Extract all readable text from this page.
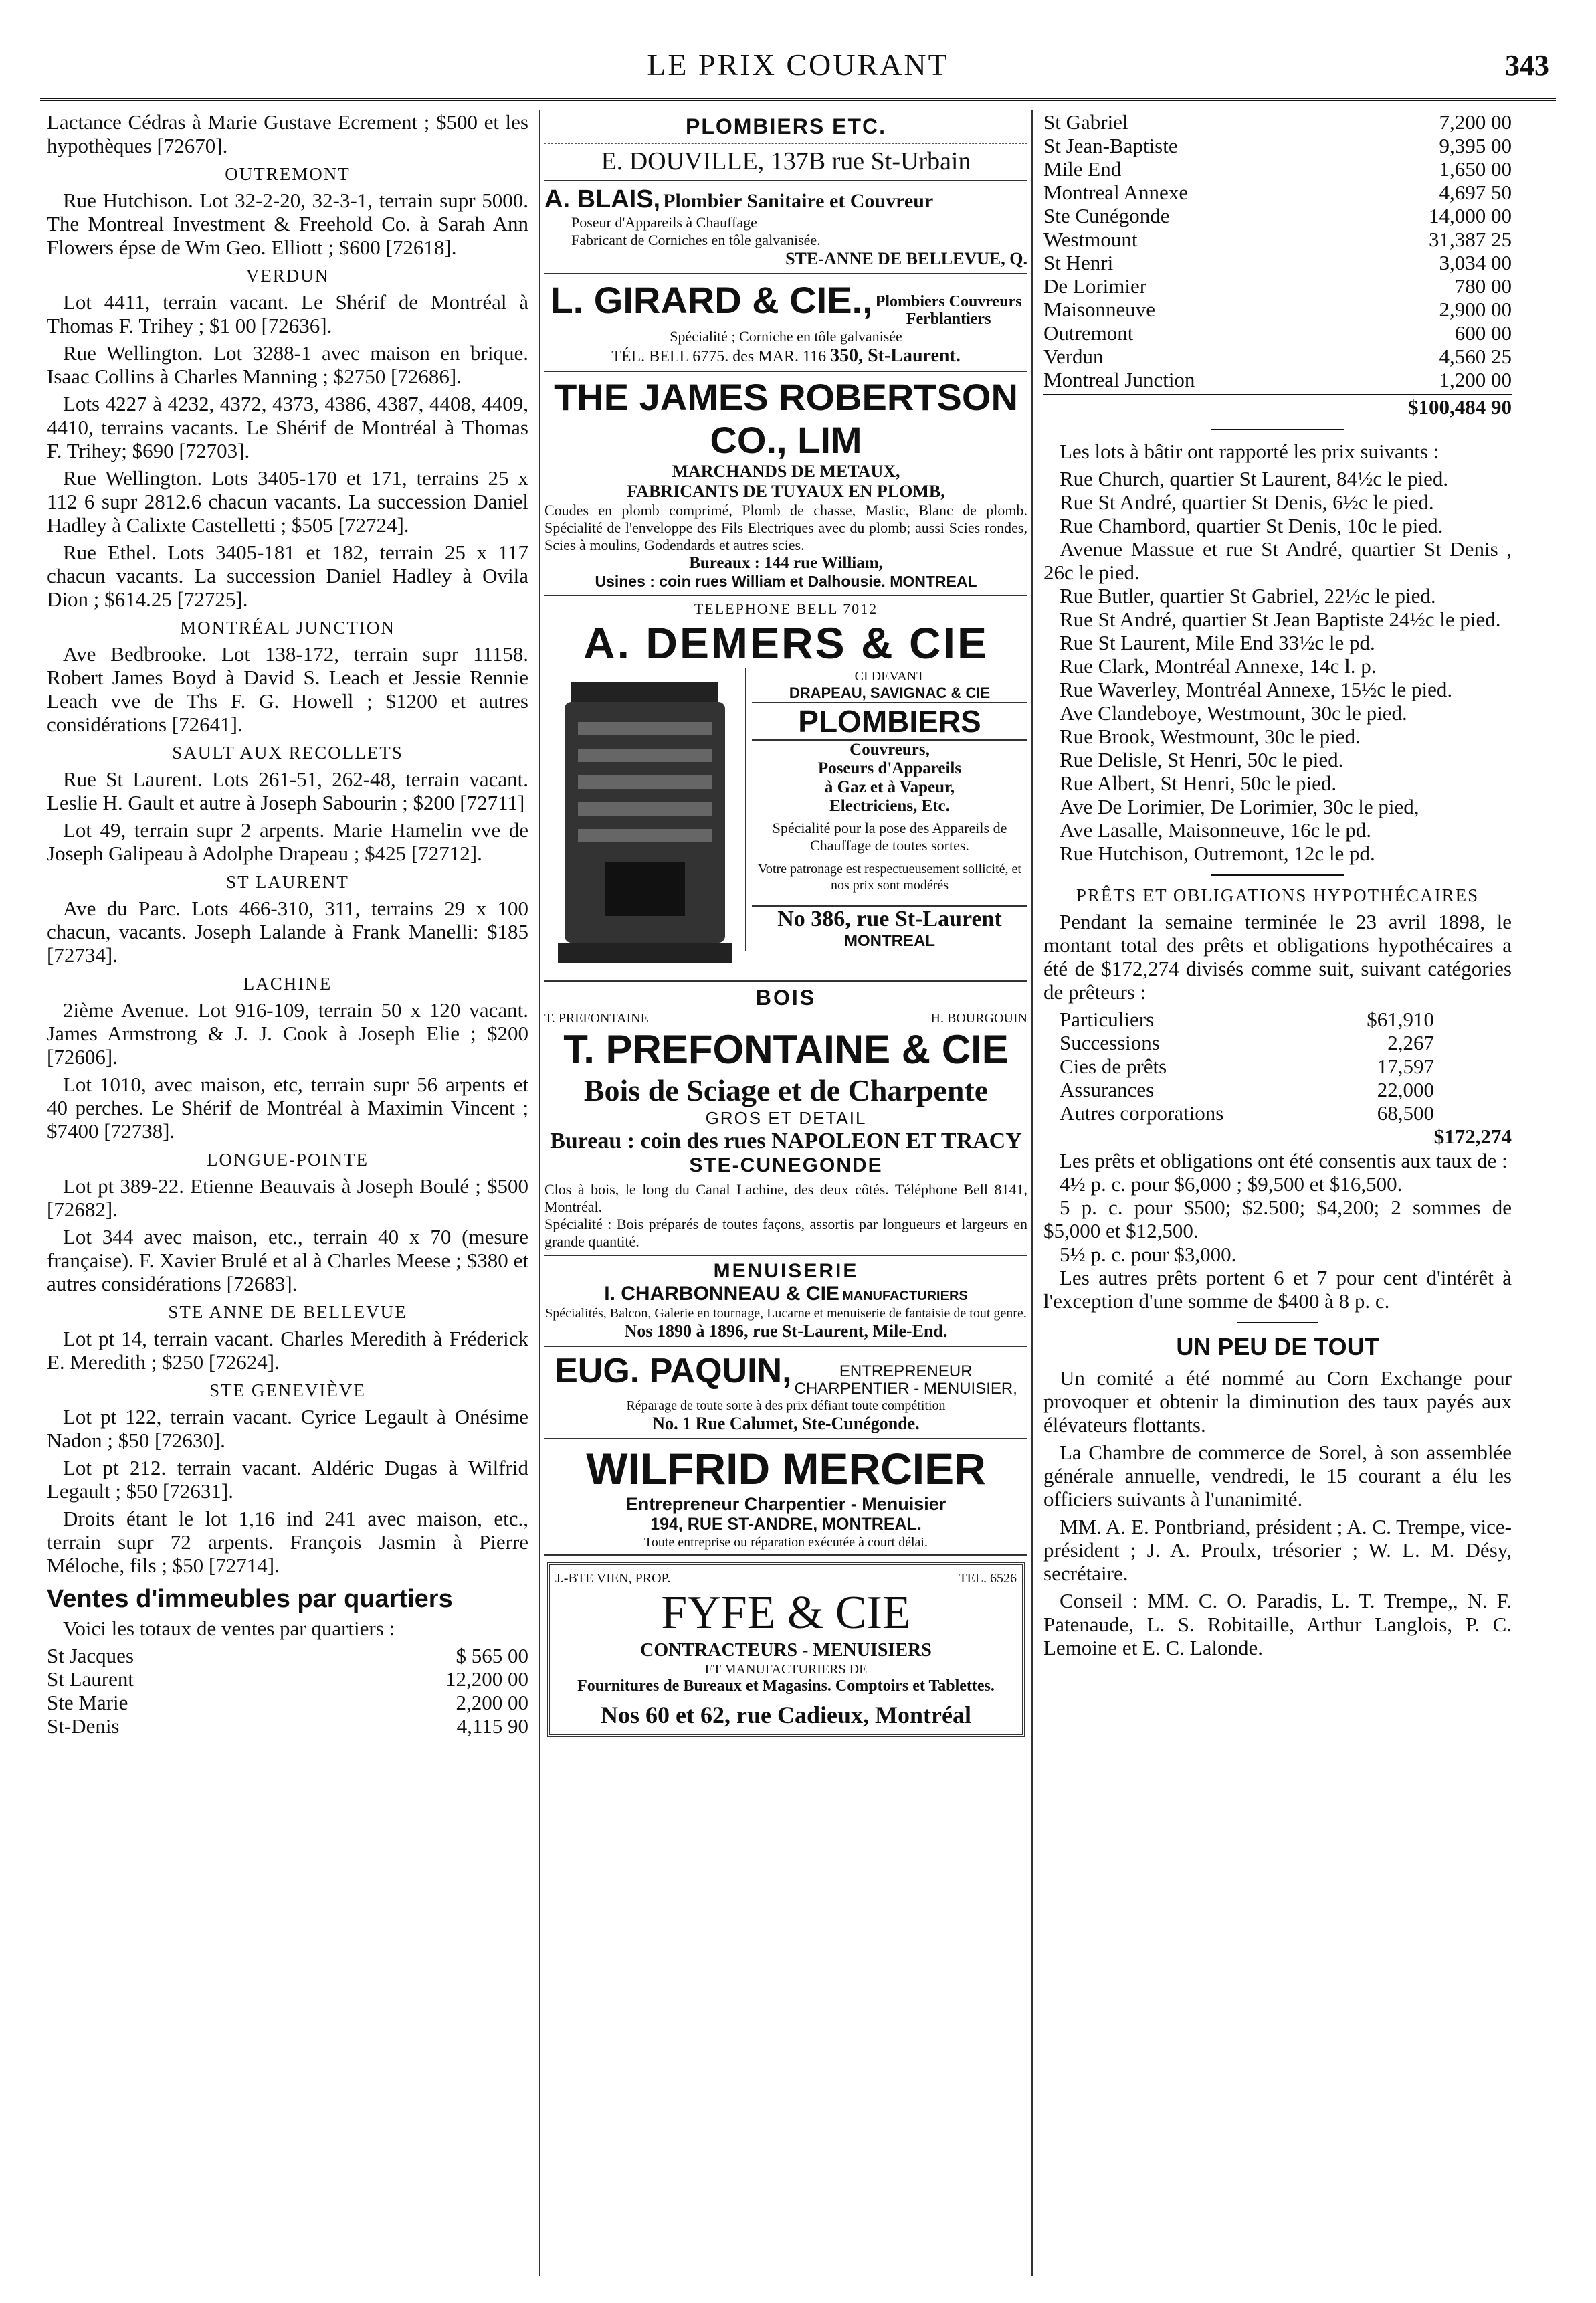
LE PRIX COURANT	343

Lactance Cédras à Marie Gustave Ecrement ; $500 et les hypothèques [72670].

OUTREMONT

Rue Hutchison. Lot 32-2-20, 32-3-1, terrain supr 5000. The Montreal Investment & Freehold Co. à Sarah Ann Flowers épse de Wm Geo. Elliott ; $600 [72618].

VERDUN

Lot 4411, terrain vacant. Le Shérif de Montréal à Thomas F. Trihey ; $1 00 [72636].

Rue Wellington. Lot 3288-1 avec maison en brique. Isaac Collins à Charles Manning ; $2750 [72686].

Lots 4227 à 4232, 4372, 4373, 4386, 4387, 4408, 4409, 4410, terrains vacants. Le Shérif de Montréal à Thomas F. Trihey; $690 [72703].

Rue Wellington. Lots 3405-170 et 171, terrains 25 x 112 6 supr 2812.6 chacun vacants. La succession Daniel Hadley à Calixte Castelletti ; $505 [72724].

Rue Ethel. Lots 3405-181 et 182, terrain 25 x 117 chacun vacants. La succession Daniel Hadley à Ovila Dion ; $614.25 [72725].

MONTRÉAL JUNCTION

Ave Bedbrooke. Lot 138-172, terrain supr 11158. Robert James Boyd à David S. Leach et Jessie Rennie Leach vve de Ths F. G. Howell ; $1200 et autres considérations [72641].

SAULT AUX RECOLLETS

Rue St Laurent. Lots 261-51, 262-48, terrain vacant. Leslie H. Gault et autre à Joseph Sabourin ; $200 [72711]

Lot 49, terrain supr 2 arpents. Marie Hamelin vve de Joseph Galipeau à Adolphe Drapeau ; $425 [72712].

ST LAURENT

Ave du Parc. Lots 466-310, 311, terrains 29 x 100 chacun, vacants. Joseph Lalande à Frank Manelli: $185 [72734].

LACHINE

2ième Avenue. Lot 916-109, terrain 50 x 120 vacant. James Armstrong & J. J. Cook à Joseph Elie ; $200 [72606].

Lot 1010, avec maison, etc, terrain supr 56 arpents et 40 perches. Le Shérif de Montréal à Maximin Vincent ; $7400 [72738].

LONGUE-POINTE

Lot pt 389-22. Etienne Beauvais à Joseph Boulé ; $500 [72682].

Lot 344 avec maison, etc., terrain 40 x 70 (mesure française). F. Xavier Brulé et al à Charles Meese ; $380 et autres considérations [72683].

STE ANNE DE BELLEVUE

Lot pt 14, terrain vacant. Charles Meredith à Fréderick E. Meredith ; $250 [72624].

STE GENEVIÈVE

Lot pt 122, terrain vacant. Cyrice Legault à Onésime Nadon ; $50 [72630].

Lot pt 212. terrain vacant. Aldéric Dugas à Wilfrid Legault ; $50 [72631].

Droits étant le lot 1,16 ind 241 avec maison, etc., terrain supr 72 arpents. François Jasmin à Pierre Méloche, fils ; $50 [72714].

Ventes d'immeubles par quartiers

Voici les totaux de ventes par quartiers :

St Jacques	$ 565 00
St Laurent	12,200 00
Ste Marie	2,200 00
St-Denis	4,115 90
PLOMBIERS ETC.
E. DOUVILLE, 137B rue St-Urbain
A. BLAIS, Plombier Sanitaire et Couvreur
Poseur d'Appareils à Chauffage
Fabricant de Corniches en tôle galvanisée.
STE-ANNE DE BELLEVUE, Q.
L. GIRARD & CIE., Plombiers Couvreurs
Ferblantiers
Spécialité ; Corniche en tôle galvanisée
TÉL. BELL 6775. des MAR. 116 350, St-Laurent.
THE JAMES ROBERTSON CO., LIM
MARCHANDS DE METAUX,
FABRICANTS DE TUYAUX EN PLOMB,
Coudes en plomb comprimé, Plomb de chasse, Mastic, Blanc de plomb. Spécialité de l'enveloppe des Fils Electriques avec du plomb; aussi Scies rondes, Scies à moulins, Godendards et autres scies.
Bureaux : 144 rue William,
Usines : coin rues William et Dalhousie. MONTREAL
TELEPHONE BELL 7012
A. DEMERS & CIE
CI DEVANT
DRAPEAU, SAVIGNAC & CIE
PLOMBIERS
Couvreurs,
Poseurs d'Appareils
à Gaz et à Vapeur,
Electriciens, Etc.
Spécialité pour la pose des Appareils de Chauffage de toutes sortes.
Votre patronage est respectueusement sollicité, et nos prix sont modérés
No 386, rue St-Laurent
MONTREAL
BOIS
T. PREFONTAINE	H. BOURGOUIN
T. PREFONTAINE & CIE
Bois de Sciage et de Charpente
GROS ET DETAIL
Bureau : coin des rues NAPOLEON ET TRACY
STE-CUNEGONDE
Clos à bois, le long du Canal Lachine, des deux côtés. Téléphone Bell 8141, Montréal.
Spécialité : Bois préparés de toutes façons, assortis par longueurs et largeurs en grande quantité.
MENUISERIE
I. CHARBONNEAU & CIE MANUFACTURIERS
Spécialités, Balcon, Galerie en tournage, Lucarne et menuiserie de fantaisie de tout genre.
Nos 1890 à 1896, rue St-Laurent, Mile-End.
EUG. PAQUIN,	ENTREPRENEUR
CHARPENTIER - MENUISIER,
Réparage de toute sorte à des prix défiant toute compétition
No. 1 Rue Calumet, Ste-Cunégonde.
WILFRID MERCIER
Entrepreneur Charpentier - Menuisier
194, RUE ST-ANDRE, MONTREAL.
Toute entreprise ou réparation exécutée à court délai.
J.-BTE VIEN, PROP.	TEL. 6526
FYFE & CIE
CONTRACTEURS - MENUISIERS
ET MANUFACTURIERS DE
Fournitures de Bureaux et Magasins. Comptoirs et Tablettes.
Nos 60 et 62, rue Cadieux, Montréal
St Gabriel	7,200 00
St Jean-Baptiste	9,395 00
Mile End	1,650 00
Montreal Annexe	4,697 50
Ste Cunégonde	14,000 00
Westmount	31,387 25
St Henri	3,034 00
De Lorimier	780 00
Maisonneuve	2,900 00
Outremont	600 00
Verdun	4,560 25
Montreal Junction	1,200 00
$100,484 90

Les lots à bâtir ont rapporté les prix suivants :

Rue Church, quartier St Laurent, 84½c le pied.

Rue St André, quartier St Denis, 6½c le pied.

Rue Chambord, quartier St Denis, 10c le pied.

Avenue Massue et rue St André, quartier St Denis , 26c le pied.

Rue Butler, quartier St Gabriel, 22½c le pied.

Rue St André, quartier St Jean Baptiste 24½c le pied.

Rue St Laurent, Mile End 33½c le pd.

Rue Clark, Montréal Annexe, 14c l. p.

Rue Waverley, Montréal Annexe, 15½c le pied.

Ave Clandeboye, Westmount, 30c le pied.

Rue Brook, Westmount, 30c le pied.

Rue Delisle, St Henri, 50c le pied.

Rue Albert, St Henri, 50c le pied.

Ave De Lorimier, De Lorimier, 30c le pied,

Ave Lasalle, Maisonneuve, 16c le pd.

Rue Hutchison, Outremont, 12c le pd.

PRÊTS ET OBLIGATIONS HYPOTHÉCAIRES

Pendant la semaine terminée le 23 avril 1898, le montant total des prêts et obligations hypothécaires a été de $172,274 divisés comme suit, suivant catégories de prêteurs :

Particuliers	$61,910
Successions	2,267
Cies de prêts	17,597
Assurances	22,000
Autres corporations	68,500
$172,274

Les prêts et obligations ont été consentis aux taux de :

4½ p. c. pour $6,000 ; $9,500 et $16,500.

5 p. c. pour $500; $2.500; $4,200; 2 sommes de $5,000 et $12,500.

5½ p. c. pour $3,000.

Les autres prêts portent 6 et 7 pour cent d'intérêt à l'exception d'une somme de $400 à 8 p. c.

UN PEU DE TOUT

Un comité a été nommé au Corn Exchange pour provoquer et obtenir la diminution des taux payés aux élévateurs flottants.

La Chambre de commerce de Sorel, à son assemblée générale annuelle, vendredi, le 15 courant a élu les officiers suivants à l'unanimité.

MM. A. E. Pontbriand, président ; A. C. Trempe, vice-président ; J. A. Proulx, trésorier ; W. L. M. Désy, secrétaire.

Conseil : MM. C. O. Paradis, L. T. Trempe,, N. F. Patenaude, L. S. Robitaille, Arthur Langlois, P. C. Lemoine et E. C. Lalonde.
